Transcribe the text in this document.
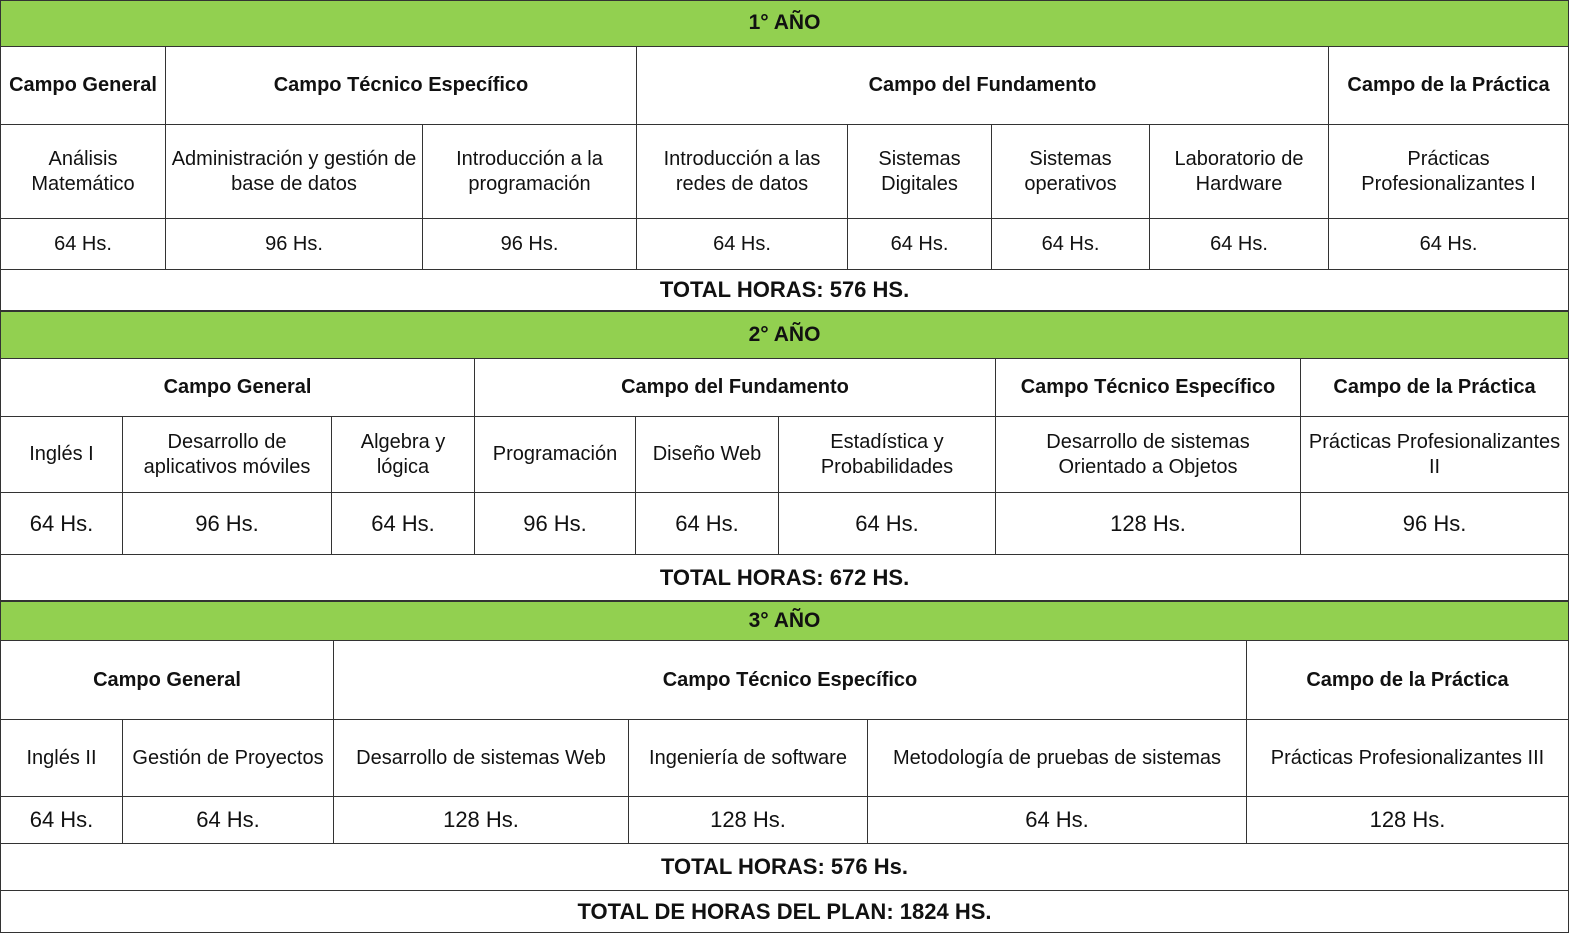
1° AÑO							
Campo General	Campo Técnico Específico		Campo del Fundamento				Campo de la Práctica
Análisis Matemático	Administración y gestión de base de datos	Introducción a la programación	Introducción a las redes de datos	Sistemas Digitales	Sistemas operativos	Laboratorio de Hardware	Prácticas Profesionalizantes I
64 Hs.	96 Hs.	96 Hs.	64 Hs.	64 Hs.	64 Hs.	64 Hs.	64 Hs.
TOTAL HORAS: 576 HS.							
2° AÑO							
Campo General			Campo del Fundamento			Campo Técnico Específico	Campo de la Práctica
Inglés I	Desarrollo de aplicativos móviles	Algebra y lógica	Programación	Diseño Web	Estadística y Probabilidades	Desarrollo de sistemas Orientado a Objetos	Prácticas Profesionalizantes II
64 Hs.	96 Hs.	64 Hs.	96 Hs.	64 Hs.	64 Hs.	128 Hs.	96 Hs.
TOTAL HORAS: 672 HS.							
3° AÑO					
Campo General		Campo Técnico Específico			Campo de la Práctica
Inglés II	Gestión de Proyectos	Desarrollo de sistemas Web	Ingeniería de software	Metodología de pruebas de sistemas	Prácticas Profesionalizantes III
64 Hs.	64 Hs.	128 Hs.	128 Hs.	64 Hs.	128 Hs.
TOTAL HORAS: 576 Hs.					
TOTAL DE HORAS DEL PLAN: 1824 HS.					
